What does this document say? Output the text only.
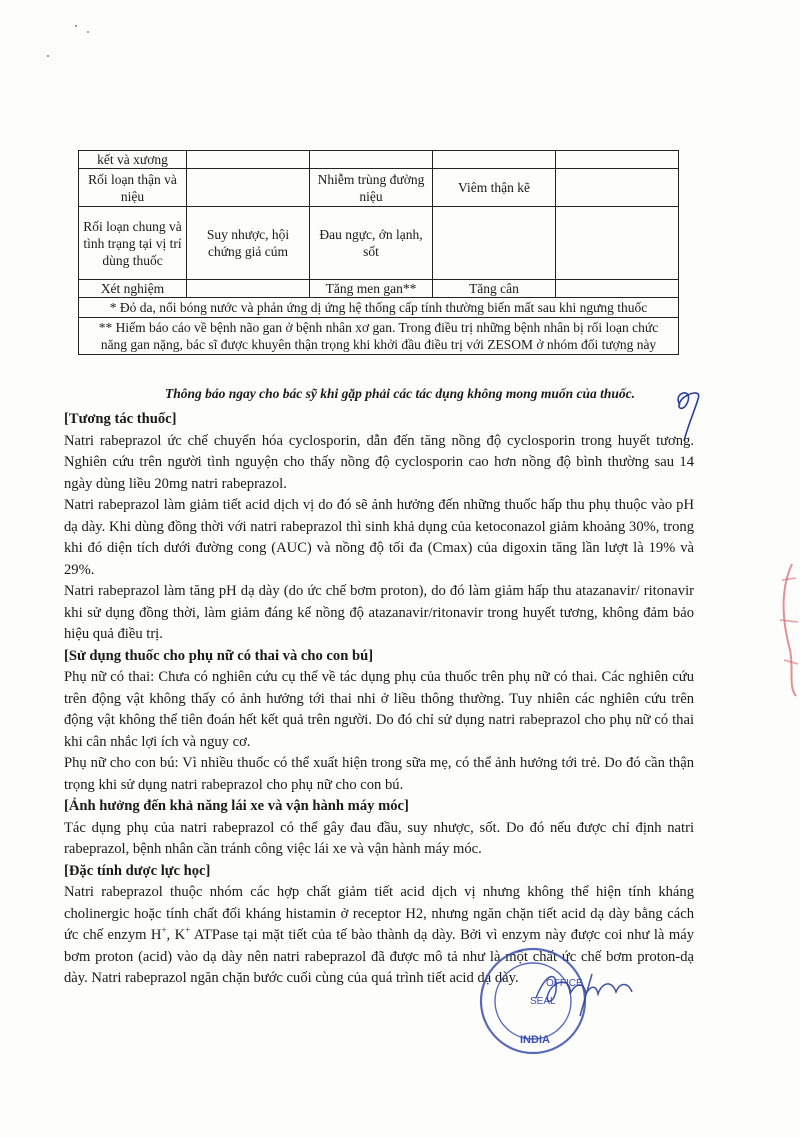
kết và xương				
Rối loạn thận và niệu		Nhiễm trùng đường niệu	Viêm thận kẽ	
Rối loạn chung và tình trạng tại vị trí dùng thuốc	Suy nhược, hội chứng giả cúm	Đau ngực, ớn lạnh, sốt		
Xét nghiệm		Tăng men gan**	Tăng cân	
* Đỏ da, nổi bóng nước và phản ứng dị ứng hệ thống cấp tính thường biến mất sau khi ngưng thuốc				
** Hiếm báo cáo về bệnh não gan ở bệnh nhân xơ gan. Trong điều trị những bệnh nhân bị rối loạn chức năng gan nặng, bác sĩ được khuyên thận trọng khi khởi đầu điều trị với ZESOM ở nhóm đối tượng này				
Thông báo ngay cho bác sỹ khi gặp phải các tác dụng không mong muốn của thuốc.

[Tương tác thuốc]

Natri rabeprazol ức chế chuyển hóa cyclosporin, dẫn đến tăng nồng độ cyclosporin trong huyết tương. Nghiên cứu trên người tình nguyện cho thấy nồng độ cyclosporin cao hơn nồng độ bình thường sau 14 ngày dùng liều 20mg natri rabeprazol.

Natri rabeprazol làm giảm tiết acid dịch vị do đó sẽ ảnh hưởng đến những thuốc hấp thu phụ thuộc vào pH dạ dày. Khi dùng đồng thời với natri rabeprazol thì sinh khả dụng của ketoconazol giảm khoảng 30%, trong khi đó diện tích dưới đường cong (AUC) và nồng độ tối đa (Cmax) của digoxin tăng lần lượt là 19% và 29%.

Natri rabeprazol làm tăng pH dạ dày (do ức chế bơm proton), do đó làm giảm hấp thu atazanavir/ ritonavir khi sử dụng đồng thời, làm giảm đáng kể nồng độ atazanavir/ritonavir trong huyết tương, không đảm bảo hiệu quả điều trị.

[Sử dụng thuốc cho phụ nữ có thai và cho con bú]

Phụ nữ có thai: Chưa có nghiên cứu cụ thể về tác dụng phụ của thuốc trên phụ nữ có thai. Các nghiên cứu trên động vật không thấy có ảnh hưởng tới thai nhi ở liều thông thường. Tuy nhiên các nghiên cứu trên động vật không thể tiên đoán hết kết quả trên người. Do đó chỉ sử dụng natri rabeprazol cho phụ nữ có thai khi cân nhắc lợi ích và nguy cơ.

Phụ nữ cho con bú: Vì nhiều thuốc có thể xuất hiện trong sữa mẹ, có thể ảnh hưởng tới trẻ. Do đó cần thận trọng khi sử dụng natri rabeprazol cho phụ nữ cho con bú.

[Ảnh hưởng đến khả năng lái xe và vận hành máy móc]

Tác dụng phụ của natri rabeprazol có thể gây đau đầu, suy nhược, sốt. Do đó nếu được chỉ định natri rabeprazol, bệnh nhân cần tránh công việc lái xe và vận hành máy móc.

[Đặc tính dược lực học]

Natri rabeprazol thuộc nhóm các hợp chất giảm tiết acid dịch vị nhưng không thể hiện tính kháng cholinergic hoặc tính chất đối kháng histamin ở receptor H2, nhưng ngăn chặn tiết acid dạ dày bằng cách ức chế enzym H+, K+ ATPase tại mặt tiết của tế bào thành dạ dày. Bởi vì enzym này được coi như là máy bơm proton (acid) vào dạ dày nên natri rabeprazol đã được mô tả như là một chất ức chế bơm proton-dạ dày. Natri rabeprazol ngăn chặn bước cuối cùng của quá trình tiết acid dạ dày.	OFFICE
SEAL
INDIA
